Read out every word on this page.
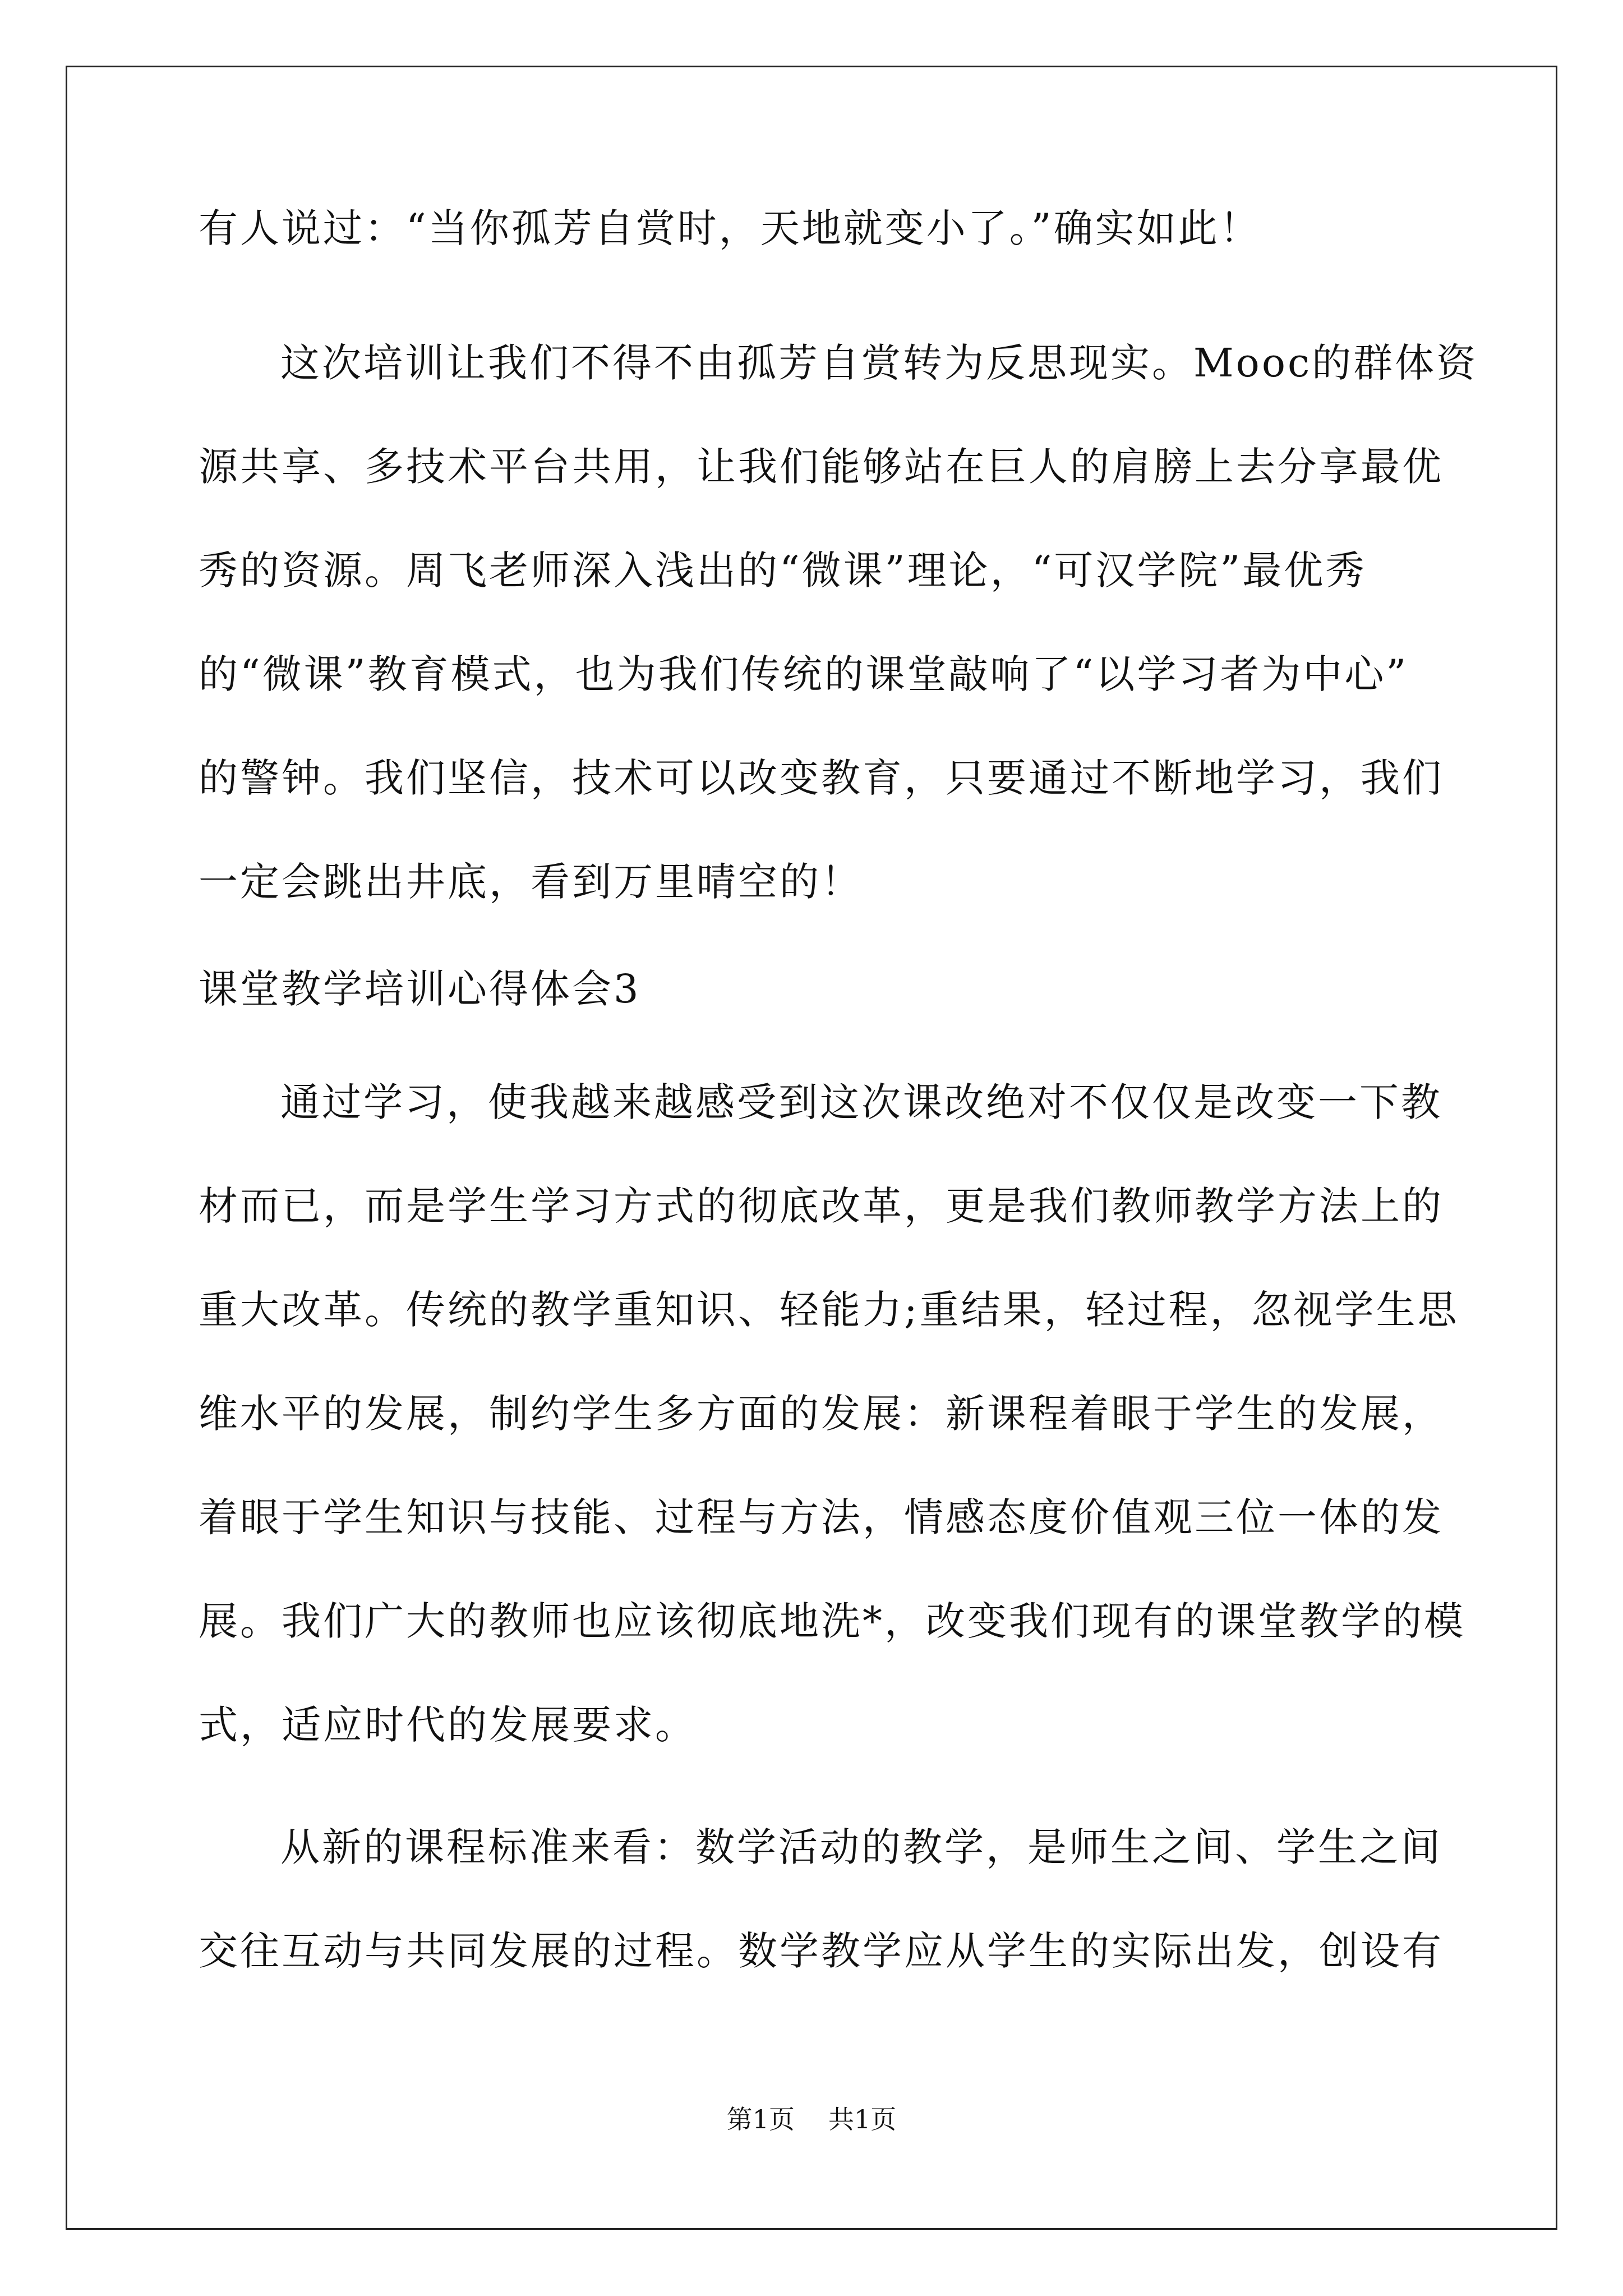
有人说过：“当你孤芳自赏时，天地就变小了。”确实如此！
这次培训让我们不得不由孤芳自赏转为反思现实。Mooc的群体资
源共享、多技术平台共用，让我们能够站在巨人的肩膀上去分享最优
秀的资源。周飞老师深入浅出的“微课”理论，“可汉学院”最优秀
的“微课”教育模式，也为我们传统的课堂敲响了“以学习者为中心”
的警钟。我们坚信，技术可以改变教育，只要通过不断地学习，我们
一定会跳出井底，看到万里晴空的！
课堂教学培训心得体会3
通过学习，使我越来越感受到这次课改绝对不仅仅是改变一下教
材而已，而是学生学习方式的彻底改革，更是我们教师教学方法上的
重大改革。传统的教学重知识、轻能力;重结果，轻过程，忽视学生思
维水平的发展，制约学生多方面的发展：新课程着眼于学生的发展，
着眼于学生知识与技能、过程与方法，情感态度价值观三位一体的发
展。我们广大的教师也应该彻底地洗*，改变我们现有的课堂教学的模
式，适应时代的发展要求。
从新的课程标准来看：数学活动的教学，是师生之间、学生之间
交往互动与共同发展的过程。数学教学应从学生的实际出发，创设有
第1页 共1页
